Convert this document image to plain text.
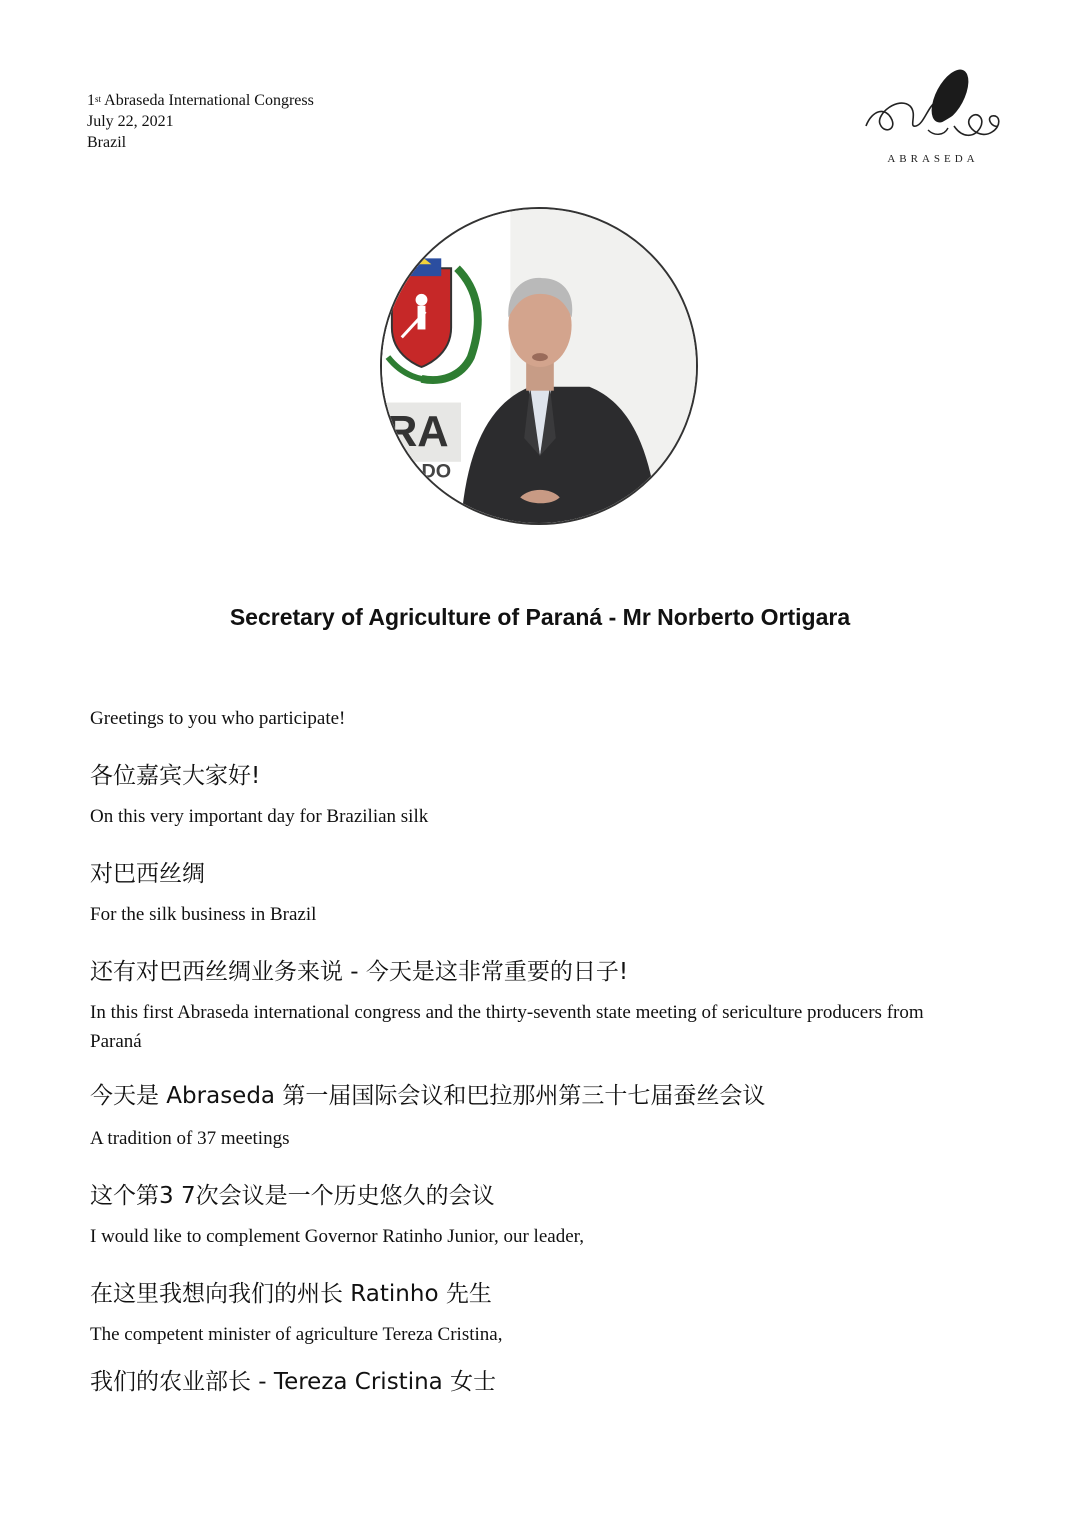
1st Abraseda International Congress
July 22, 2021
Brazil
ABRASEDA
RA
DO
Secretary of Agriculture of Paraná - Mr Norberto Ortigara

Greetings to you who participate!

各位嘉宾大家好!

On this very important day for Brazilian silk

对巴西丝绸

For the silk business in Brazil

还有对巴西丝绸业务来说 - 今天是这非常重要的日子!

In this first Abraseda international congress and the thirty-seventh state meeting of sericulture producers from Paraná

今天是 Abraseda 第一届国际会议和巴拉那州第三十七届蚕丝会议

A tradition of 37 meetings

这个第3 7次会议是一个历史悠久的会议

I would like to complement Governor Ratinho Junior, our leader,

在这里我想向我们的州长 Ratinho 先生

The competent minister of agriculture Tereza Cristina,

我们的农业部长 - Tereza Cristina 女士
